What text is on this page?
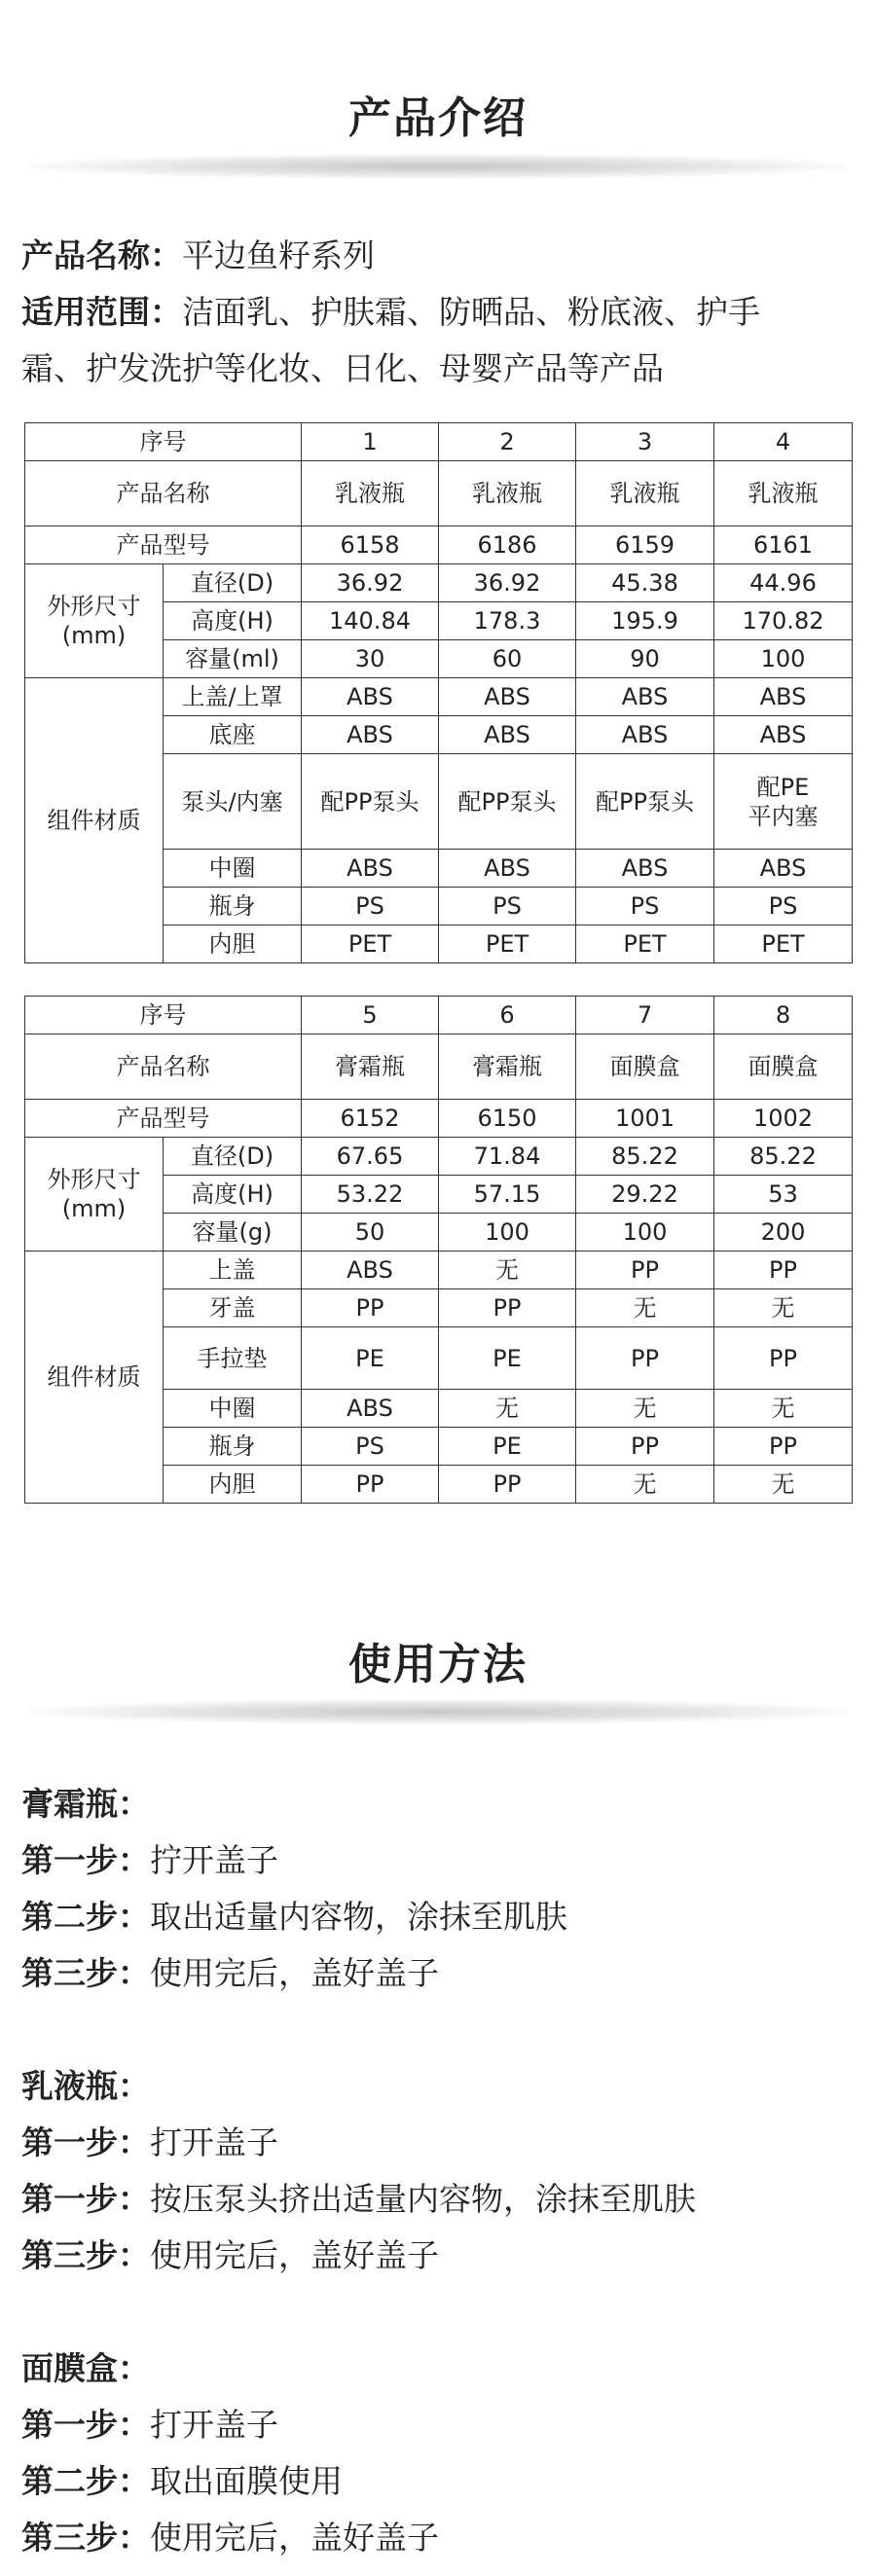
产品介绍
产品名称：平边鱼籽系列
适用范围：洁面乳、护肤霜、防晒品、粉底液、护手
霜、护发洗护等化妆、日化、母婴产品等产品
序号		1	2	3	4
产品名称		乳液瓶	乳液瓶	乳液瓶	乳液瓶
产品型号		6158	6186	6159	6161

外形尺寸
(mm)	直径(D)	36.92	36.92	45.38	44.96
	高度(H)	140.84	178.3	195.9	170.82
	容量(ml)	30	60	90	100
组件材质	上盖/上罩	ABS	ABS	ABS	ABS
	底座	ABS	ABS	ABS	ABS
	泵头/内塞	配PP泵头	配PP泵头	配PP泵头	配PE
平内塞

	中圈	ABS	ABS	ABS	ABS
	瓶身	PS	PS	PS	PS
	内胆	PET	PET	PET	PET
序号		5	6	7	8
产品名称		膏霜瓶	膏霜瓶	面膜盒	面膜盒
产品型号		6152	6150	1001	1002

外形尺寸
(mm)	直径(D)	67.65	71.84	85.22	85.22
	高度(H)	53.22	57.15	29.22	53
	容量(g)	50	100	100	200
组件材质	上盖	ABS	无	PP	PP
	牙盖	PP	PP	无	无
	手拉垫	PE	PE	PP	PP
	中圈	ABS	无	无	无
	瓶身	PS	PE	PP	PP
	内胆	PP	PP	无	无
使用方法
膏霜瓶：
第一步：拧开盖子
第二步：取出适量内容物，涂抹至肌肤
第三步：使用完后，盖好盖子
乳液瓶：
第一步：打开盖子
第一步：按压泵头挤出适量内容物，涂抹至肌肤
第三步：使用完后，盖好盖子
面膜盒：
第一步：打开盖子
第二步：取出面膜使用
第三步：使用完后，盖好盖子
